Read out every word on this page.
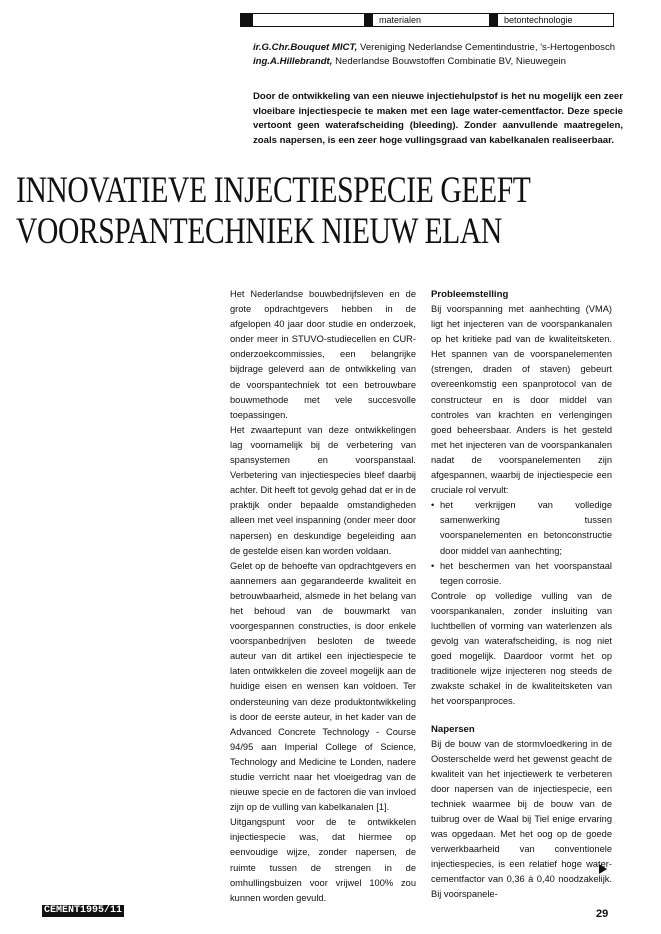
materialen	betontechnologie
ir.G.Chr.Bouquet MICT, Vereniging Nederlandse Cementindustrie, 's-Hertogenbosch
ing.A.Hillebrandt, Nederlandse Bouwstoffen Combinatie BV, Nieuwegein
Door de ontwikkeling van een nieuwe injectiehulpstof is het nu mogelijk een zeer vloeibare injectiespecie te maken met een lage water-cementfactor. Deze specie vertoont geen waterafscheiding (bleeding). Zonder aanvullende maatregelen, zoals napersen, is een zeer hoge vullingsgraad van kabelkanalen realiseerbaar.
INNOVATIEVE INJECTIESPECIE GEEFT
VOORSPANTECHNIEK NIEUW ELAN

Het Nederlandse bouwbedrijfsleven en de grote opdrachtgevers hebben in de afgelopen 40 jaar door studie en onderzoek, onder meer in STUVO-studiecellen en CUR-onderzoekcommissies, een belangrijke bijdrage geleverd aan de ontwikkeling van de voorspantechniek tot een betrouwbare bouwmethode met vele succesvolle toepassingen.

Het zwaartepunt van deze ontwikkelingen lag voornamelijk bij de verbetering van spansystemen en voorspanstaal. Verbetering van injectiespecies bleef daarbij achter. Dit heeft tot gevolg gehad dat er in de praktijk onder bepaalde omstandigheden alleen met veel inspanning (onder meer door napersen) en deskundige begeleiding aan de gestelde eisen kan worden voldaan.

Gelet op de behoefte van opdrachtgevers en aannemers aan gegarandeerde kwaliteit en betrouwbaarheid, alsmede in het belang van het behoud van de bouwmarkt van voorgespannen constructies, is door enkele voorspanbedrijven besloten de tweede auteur van dit artikel een injectiespecie te laten ontwikkelen die zoveel mogelijk aan de huidige eisen en wensen kan voldoen. Ter ondersteuning van deze produktontwikkeling is door de eerste auteur, in het kader van de Advanced Concrete Technology - Course 94/95 aan Imperial College of Science, Technology and Medicine te Londen, nadere studie verricht naar het vloeigedrag van de nieuwe specie en de factoren die van invloed zijn op de vulling van kabelkanalen [1].

Uitgangspunt voor de te ontwikkelen injectiespecie was, dat hiermee op eenvoudige wijze, zonder napersen, de ruimte tussen de strengen in de omhullingsbuizen voor vrijwel 100% zou kunnen worden gevuld.

Probleemstelling

Bij voorspanning met aanhechting (VMA) ligt het injecteren van de voorspankanalen op het kritieke pad van de kwaliteitsketen. Het spannen van de voorspanelementen (strengen, draden of staven) gebeurt overeenkomstig een spanprotocol van de constructeur en is door middel van controles van krachten en verlengingen goed beheersbaar. Anders is het gesteld met het injecteren van de voorspankanalen nadat de voorspanelementen zijn afgespannen, waarbij de injectiespecie een cruciale rol vervult:

• het verkrijgen van volledige samenwerking tussen voorspanelementen en betonconstructie door middel van aanhechting;
• het beschermen van het voorspanstaal tegen corrosie.

Controle op volledige vulling van de voorspankanalen, zonder insluiting van luchtbellen of vorming van waterlenzen als gevolg van waterafscheiding, is nog niet goed mogelijk. Daardoor vormt het op traditionele wijze injecteren nog steeds de zwakste schakel in de kwaliteitsketen van het voorspanproces.

Napersen

Bij de bouw van de stormvloedkering in de Oosterschelde werd het gewenst geacht de kwaliteit van het injectiewerk te verbeteren door napersen van de injectiespecie, een techniek waarmee bij de bouw van de tuibrug over de Waal bij Tiel enige ervaring was opgedaan. Met het oog op de goede verwerkbaarheid van conventionele injectiespecies, is een relatief hoge water-cementfactor van 0,36 à 0,40 noodzakelijk. Bij voorspanele-

CEMENT1995/11	29
